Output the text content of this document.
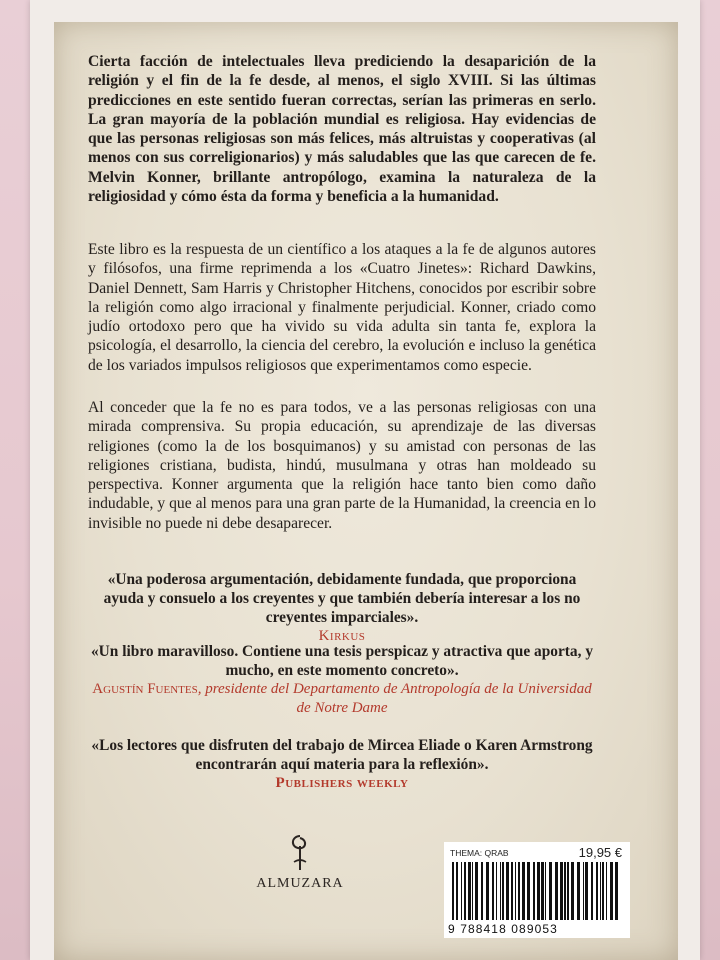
Cierta facción de intelectuales lleva prediciendo la desaparición de la religión y el fin de la fe desde, al menos, el siglo XVIII. Si las últimas predicciones en este sentido fueran correctas, serían las primeras en serlo. La gran mayoría de la población mundial es religiosa. Hay evidencias de que las personas religiosas son más felices, más altruistas y cooperativas (al menos con sus correligionarios) y más saludables que las que carecen de fe. Melvin Konner, brillante antropólogo, examina la naturaleza de la religiosidad y cómo ésta da forma y beneficia a la humanidad.

Este libro es la respuesta de un científico a los ataques a la fe de algunos autores y filósofos, una firme reprimenda a los «Cuatro Jinetes»: Richard Dawkins, Daniel Dennett, Sam Harris y Christopher Hitchens, conocidos por escribir sobre la religión como algo irracional y finalmente perjudicial. Konner, criado como judío ortodoxo pero que ha vivido su vida adulta sin tanta fe, explora la psicología, el desarrollo, la ciencia del cerebro, la evolución e incluso la genética de los variados impulsos religiosos que experimentamos como especie.

Al conceder que la fe no es para todos, ve a las personas religiosas con una mirada comprensiva. Su propia educación, su aprendizaje de las diversas religiones (como la de los bosquimanos) y su amistad con personas de las religiones cristiana, budista, hindú, musulmana y otras han moldeado su perspectiva. Konner argumenta que la religión hace tanto bien como daño indudable, y que al menos para una gran parte de la Humanidad, la creencia en lo invisible no puede ni debe desaparecer.

«Una poderosa argumentación, debidamente fundada, que proporciona ayuda y consuelo a los creyentes y que también debería interesar a los no creyentes imparciales».
Kirkus
«Un libro maravilloso. Contiene una tesis perspicaz y atractiva que aporta, y mucho, en este momento concreto».
Agustín Fuentes, presidente del Departamento de Antropología de la Universidad de Notre Dame
«Los lectores que disfruten del trabajo de Mircea Eliade o Karen Armstrong encontrarán aquí materia para la reflexión».
Publishers weekly
ALMUZARA
THEMA: QRAB	19,95 €
9 788418 089053
